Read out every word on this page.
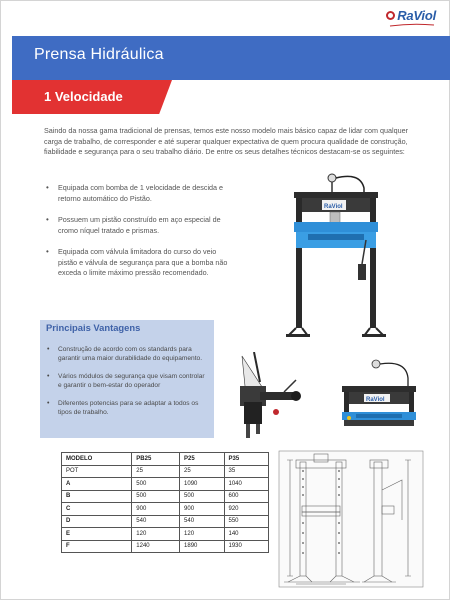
RaViol
Prensa Hidráulica
1 Velocidade

Saindo da nossa gama tradicional de prensas, temos este nosso modelo mais básico capaz de lidar com qualquer carga de trabalho, de corresponder e até superar qualquer expectativa de quem procura qualidade de construção, fiabilidade e segurança para o seu trabalho diário. De entre os seus detalhes técnicos destacam-se os seguintes:

• Equipada com bomba de 1 velocidade de descida e retorno automático do Pistão.
• Possuem um pistão construído em aço especial de cromo níquel tratado e prismas.
• Equipada com válvula limitadora do curso do veio pistão e válvula de segurança para que a bomba não exceda o limite máximo pressão recomendado.
RaViol
Principais Vantagens
• Construção de acordo com os standards para garantir uma maior durabilidade do equipamento.
• Vários módulos de segurança que visam controlar e garantir o bem-estar do operador
• Diferentes potencias para se adaptar a todos os tipos de trabalho.
RaViol
MODELO	PB25	P25	P35
POT	25	25	35
A	500	1090	1040
B	500	500	600
C	900	900	920
D	540	540	550
E	120	120	140
F	1240	1890	1930
